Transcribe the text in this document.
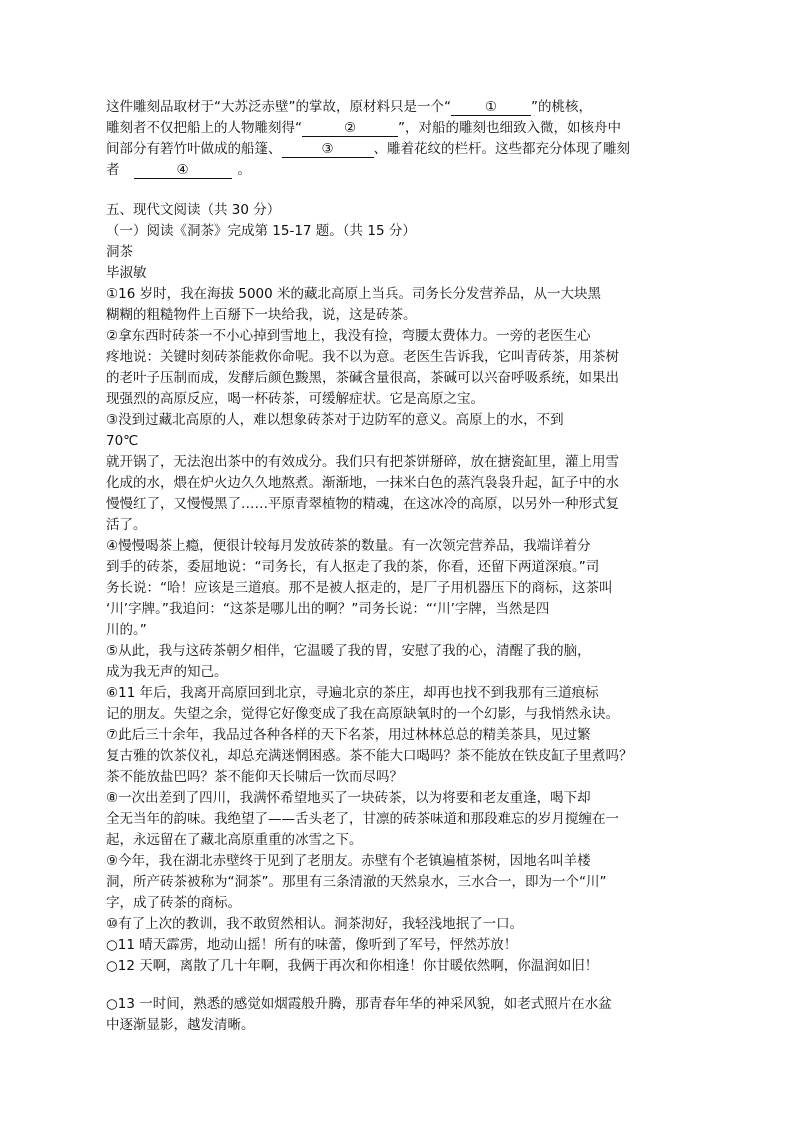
这件雕刻品取材于“大苏泛赤壁”的掌故，原材料只是一个“	①	”的桃核，

雕刻者不仅把船上的人物雕刻得“	②	”，对船的雕刻也细致入微，如核舟中

间部分有箬竹叶做成的船篷、	③	、雕着花纹的栏杆。这些都充分体现了雕刻

者	④	。

五、现代文阅读（共 30 分）

（一）阅读《洞茶》完成第 15-17 题。（共 15 分）

洞茶

毕淑敏

①16 岁时，我在海拔 5000 米的藏北高原上当兵。司务长分发营养品，从一大块黑

糊糊的粗糙物件上百掰下一块给我，说，这是砖茶。

②拿东西时砖茶一不小心掉到雪地上，我没有捡，弯腰太费体力。一旁的老医生心

疼地说：关键时刻砖茶能救你命呢。我不以为意。老医生告诉我，它叫青砖茶，用茶树

的老叶子压制而成，发酵后颜色黢黑，茶碱含量很高，茶碱可以兴奋呼吸系统，如果出

现强烈的高原反应，喝一杯砖茶，可缓解症状。它是高原之宝。

③没到过藏北高原的人，难以想象砖茶对于边防军的意义。高原上的水，不到

70℃

就开锅了，无法泡出茶中的有效成分。我们只有把茶饼掰碎，放在搪瓷缸里，灌上用雪

化成的水，煨在炉火边久久地熬煮。渐渐地，一抹米白色的蒸汽袅袅升起，缸子中的水

慢慢红了，又慢慢黑了……平原青翠植物的精魂，在这冰冷的高原，以另外一种形式复

活了。

④慢慢喝茶上瘾，便很计较每月发放砖茶的数量。有一次领完营养品，我端详着分

到手的砖茶，委屈地说：“司务长，有人抠走了我的茶，你看，还留下两道深痕。”司

务长说：“哈！应该是三道痕。那不是被人抠走的，是厂子用机器压下的商标，这茶叫

‘川’字牌。”我追问：“这茶是哪儿出的啊？”司务长说：“‘川’字牌，当然是四

川的。”

⑤从此，我与这砖茶朝夕相伴，它温暖了我的胃，安慰了我的心，清醒了我的脑，

成为我无声的知己。

⑥11 年后，我离开高原回到北京，寻遍北京的茶庄，却再也找不到我那有三道痕标

记的朋友。失望之余，觉得它好像变成了我在高原缺氧时的一个幻影，与我悄然永诀。

⑦此后三十余年，我品过各种各样的天下名茶，用过林林总总的精美茶具，见过繁

复古雅的饮茶仪礼，却总充满迷惘困惑。茶不能大口喝吗？茶不能放在铁皮缸子里煮吗？

茶不能放盐巴吗？茶不能仰天长啸后一饮而尽吗？

⑧一次出差到了四川，我满怀希望地买了一块砖茶，以为将要和老友重逢，喝下却

全无当年的韵味。我绝望了——舌头老了，甘凛的砖茶味道和那段难忘的岁月搅缠在一

起，永远留在了藏北高原重重的冰雪之下。

⑨今年，我在湖北赤壁终于见到了老朋友。赤壁有个老镇遍植茶树，因地名叫羊楼

洞，所产砖茶被称为“洞茶”。那里有三条清澈的天然泉水，三水合一，即为一个“川”

字，成了砖茶的商标。

⑩有了上次的教训，我不敢贸然相认。洞茶沏好，我轻浅地抿了一口。

○11 晴天霹雳，地动山摇！所有的味蕾，像听到了军号，怦然苏放！

○12 天啊，离散了几十年啊，我俩于再次和你相逢！你甘暖依然啊，你温润如旧！

○13 一时间，熟悉的感觉如烟霞般升腾，那青春年华的神采风貌，如老式照片在水盆

中逐渐显影，越发清晰。
